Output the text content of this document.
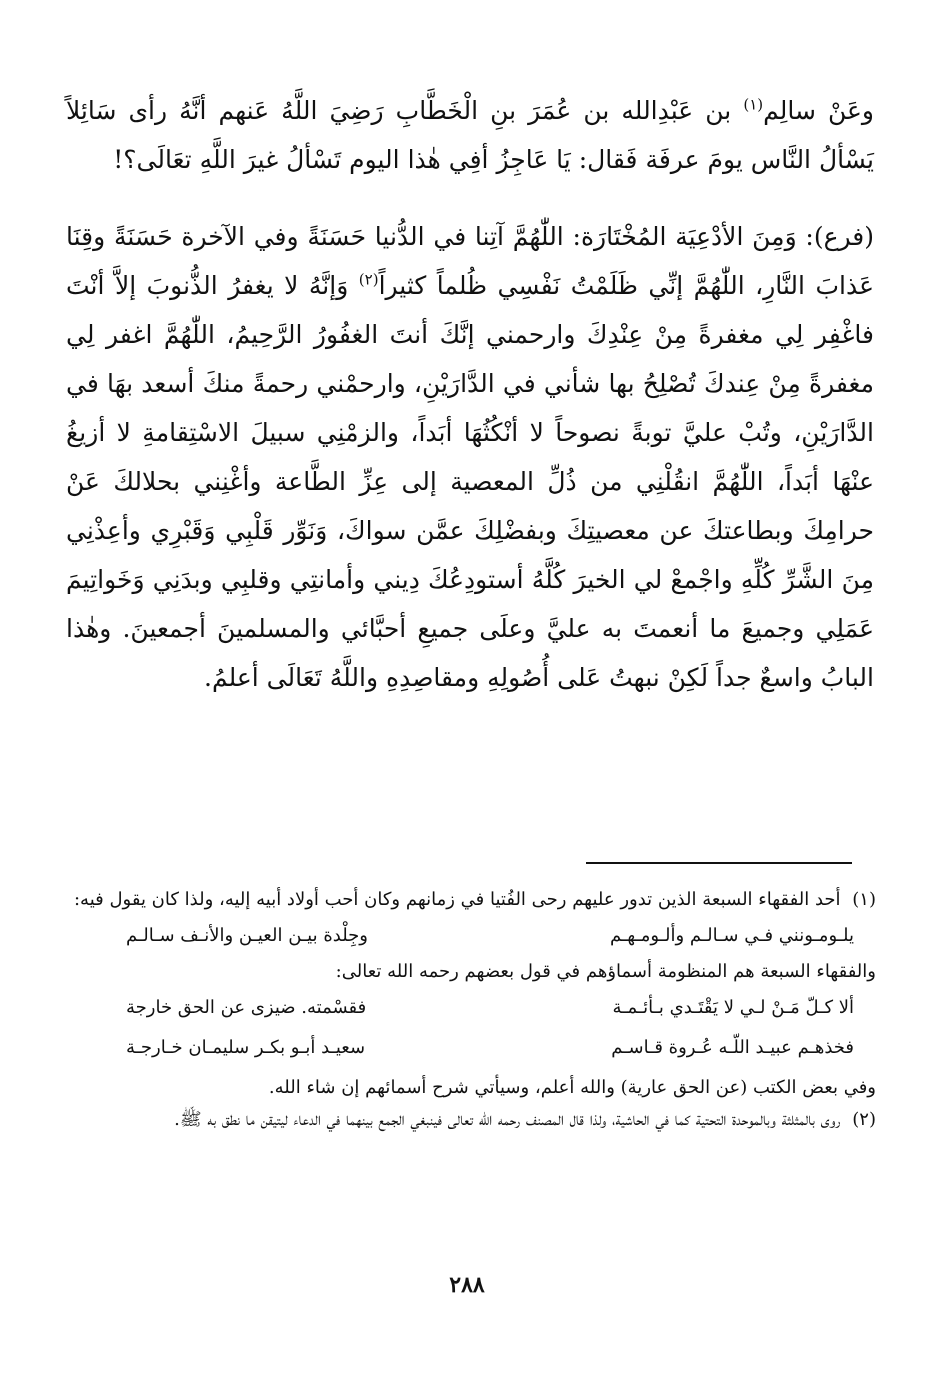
وعَنْ سالِم$^{(١)}$ بن عَبْدِالله بن عُمَرَ بنِ الْخَطَّابِ رَضِيَ اللَّهُ عَنهم أنَّهُ رأى سَائِلاً يَسْألُ النَّاس يومَ عرفَة فَقال: يَا عَاجِزُ أفِي هٰذا اليوم تَسْألُ غيرَ اللَّهِ تعَالَى؟!

(فرع): وَمِنَ الأدْعِيَة المُخْتَارَة: اللّٰهُمَّ آتِنا في الدُّنيا حَسَنَةً وفي الآخرة حَسَنَةً وقِنَا عَذابَ النَّارِ، اللّٰهُمَّ إنِّي ظَلَمْتُ نَفْسِي ظُلماً كثيراً$^{(٢)}$ وَإنَّهُ لا يغفرُ الذُّنوبَ إلاَّ أنْتَ فاغْفِر لِي مغفرةً مِنْ عِنْدِكَ وارحمني إنَّكَ أنتَ الغفُورُ الرَّحِيمُ، اللّٰهُمَّ اغفر لِي مغفرةً مِنْ عِندكَ تُصْلِحُ بها شأني في الدَّارَيْنِ، وارحمْني رحمةً منكَ أسعد بهَا في الدَّارَيْنِ، وتُبْ عليَّ توبةً نصوحاً لا أنْكُثُهَا أبَداً، والزمْنِي سبيلَ الاسْتِقامةِ لا أزيغُ عنْهَا أبَداً، اللّٰهُمَّ انقُلْنِي من ذُلِّ المعصية إلى عِزِّ الطَّاعة وأغْنِني بحلالكَ عَنْ حرامِكَ وبطاعتكَ عن معصيتِكَ وبفضْلِكَ عمَّن سواكَ، وَنَوِّر قَلْبِي وَقَبْرِي وأعِذْنِي مِنَ الشَّرِّ كُلِّهِ واجْمعْ لي الخيرَ كُلَّهُ أستودِعُكَ دِيني وأمانتِي وقلبِي وبدَنِي وَخَواتِيمَ عَمَلِي وجميعَ ما أنعمتَ به عليَّ وعلَى جميعِ أحبَّائي والمسلمينَ أجمعينَ. وهٰذا البابُ واسعٌ جداً لَكِنْ نبهتُ عَلى أُصُولِهِ ومقاصِدِهِ واللَّهُ تَعَالَى أعلمُ.

(١) أحد الفقهاء السبعة الذين تدور عليهم رحى الفُتيا في زمانهم وكان أحب أولاد أبيه إليه، ولذا كان يقول فيه:

يلـومـونني فـي سـالـم وألـومـهـم
وجِلْدة بيـن العيـن والأنـف سـالـم

والفقهاء السبعة هم المنظومة أسماؤهم في قول بعضهم رحمه الله تعالى:

ألا كـلّ مَـنْ لـي لا يَقْتَـدي بـأئـمـة
فقسْمته. ضيزى عن الحق خارجة
فخذهـم عبيـد اللّـه عُـروة قـاسـم
سعيـد أبـو بكـر سليمـان خـارجـة

وفي بعض الكتب (عن الحق عارية) والله أعلم، وسيأتي شرح أسمائهم إن شاء الله.

(٢) روى بالمثلثة وبالموحدة التحتية كما في الحاشية، ولذا قال المصنف رحمه الله تعالى فينبغي الجمع بينهما في الدعاء ليتيقن ما نطق به ﷺ.

٢٨٨
